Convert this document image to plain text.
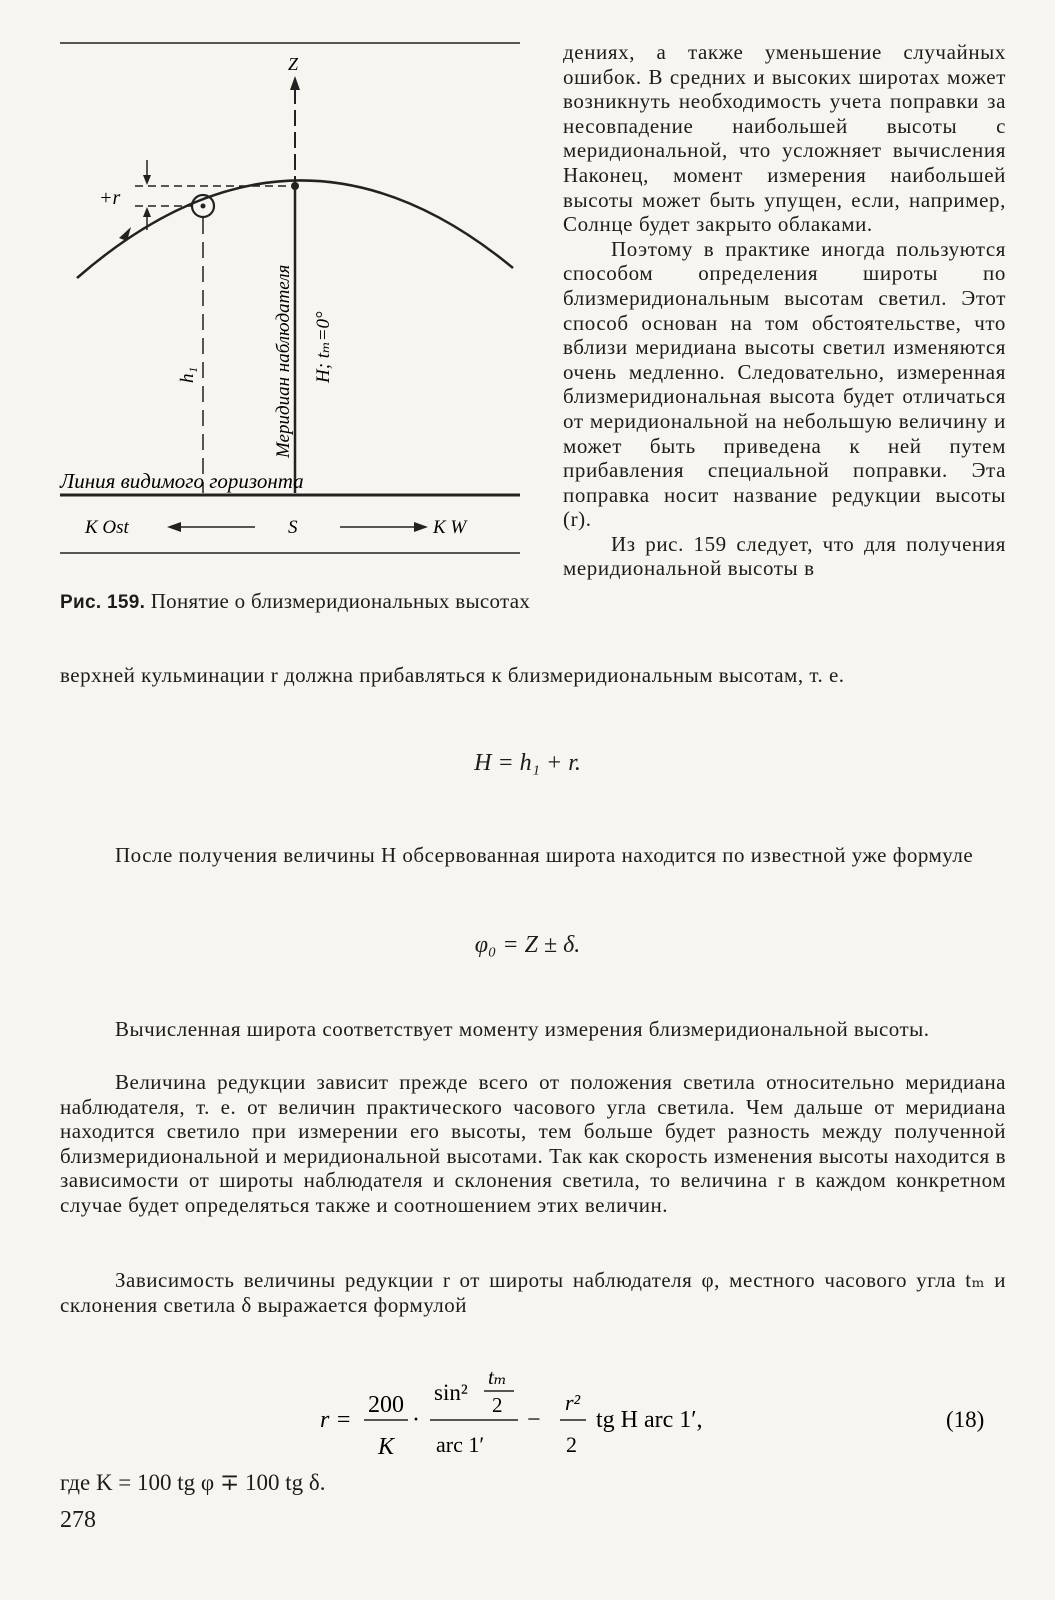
Z
+r
h₁	Меридиан наблюдателя H; tₘ=0°
Линия видимого горизонта
К Оst	S	К W
Рис. 159. Понятие о близмеридиональных высотах

дениях, а также уменьшение случайных ошибок. В средних и высоких широтах может возникнуть необходимость учета поправки за несовпадение наибольшей высоты с меридиональной, что усложняет вычисления Наконец, момент измерения наибольшей высоты может быть упущен, если, например, Солнце будет закрыто облаками.

Поэтому в практике иногда пользуются способом определения широты по близмеридиональным высотам светил. Этот способ основан на том обстоятельстве, что вблизи меридиана высоты светил изменяются очень медленно. Следовательно, измеренная близмеридиональная высота будет отличаться от меридиональной на небольшую величину и может быть приведена к ней путем прибавления специальной поправки. Эта поправка носит название редукции высоты (r).

Из рис. 159 следует, что для получения меридиональной высоты в

верхней кульминации r должна прибавляться к близмеридиональным высотам, т. е.
H = h₁ + r.
После получения величины H обсервованная широта находится по известной уже формуле
φ₀ = Z ± δ.
Вычисленная широта соответствует моменту измерения близмеридиональной высоты.
Величина редукции зависит прежде всего от положения светила относительно меридиана наблюдателя, т. е. от величин практического часового угла светила. Чем дальше от меридиана находится светило при измерении его высоты, тем больше будет разность между полученной близмеридиональной и меридиональной высотами. Так как скорость изменения высоты находится в зависимости от широты наблюдателя и склонения светила, то величина r в каждом конкретном случае будет определяться также и соотношением этих величин.
Зависимость величины редукции r от широты наблюдателя φ, местного часового угла tₘ и склонения светила δ выражается формулой
r =
200
K
·
sin²
tₘ
2
arc 1′
−
r²
2
tg H arc 1′,	(18)
где K = 100 tg φ ∓ 100 tg δ.
278
